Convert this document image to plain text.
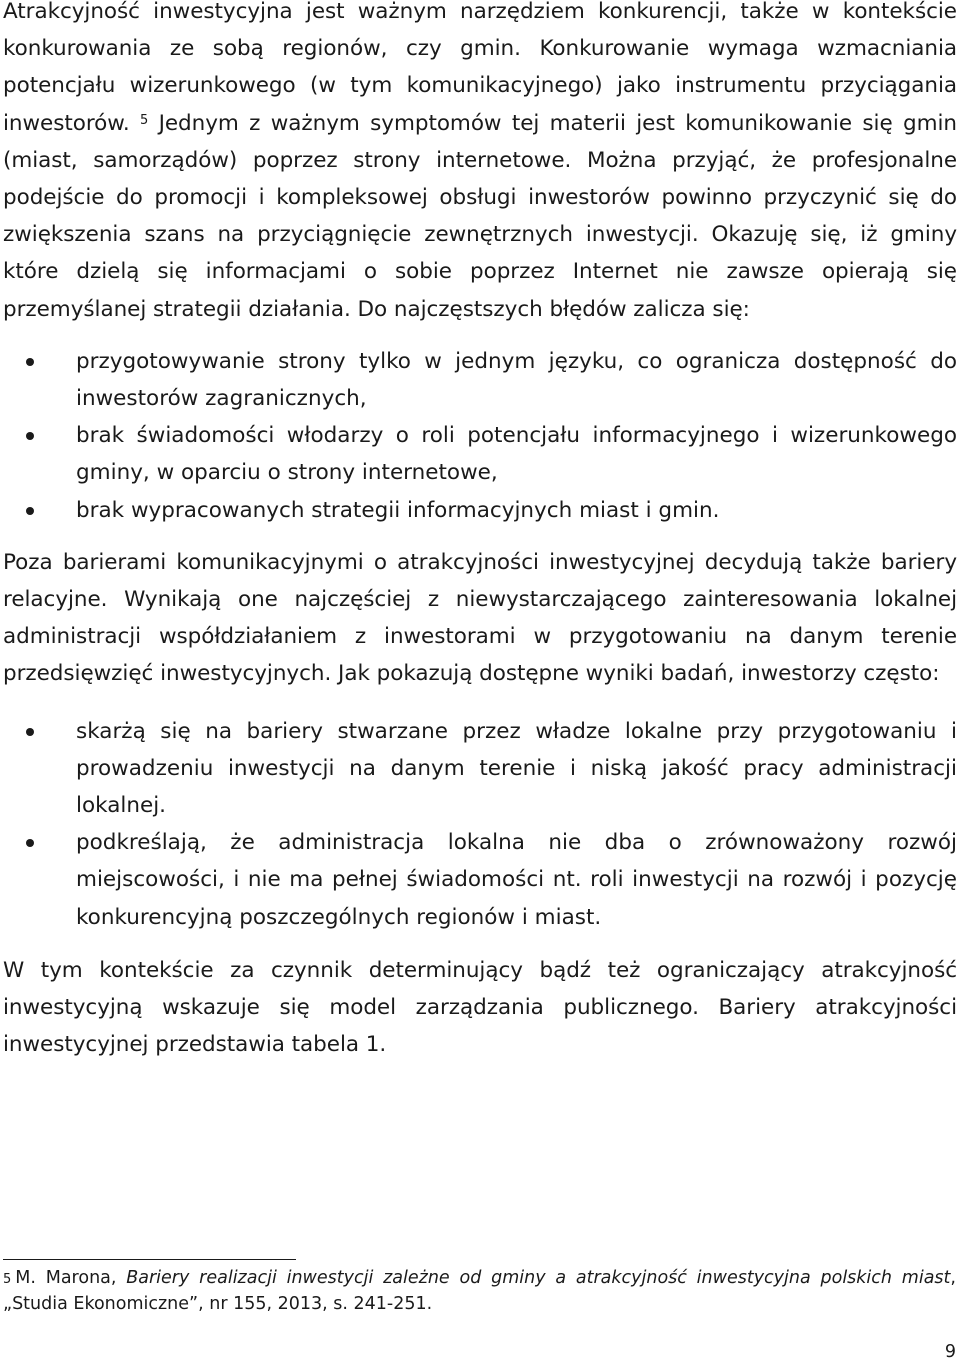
Atrakcyjność inwestycyjna jest ważnym narzędziem konkurencji, także w kontekście konkurowania ze sobą regionów, czy gmin. Konkurowanie wymaga wzmacniania potencjału wizerunkowego (w tym komunikacyjnego) jako instrumentu przyciągania inwestorów. $^5$ Jednym z ważnym symptomów tej materii jest komunikowanie się gmin (miast, samorządów) poprzez strony internetowe. Można przyjąć, że profesjonalne podejście do promocji i kompleksowej obsługi inwestorów powinno przyczynić się do zwiększenia szans na przyciągnięcie zewnętrznych inwestycji. Okazuję się, iż gminy które dzielą się informacjami o sobie poprzez Internet nie zawsze opierają się przemyślanej strategii działania. Do najczęstszych błędów zalicza się:

przygotowywanie strony tylko w jednym języku, co ogranicza dostępność do inwestorów zagranicznych,
brak świadomości włodarzy o roli potencjału informacyjnego i wizerunkowego gminy, w oparciu o strony internetowe,
brak wypracowanych strategii informacyjnych miast i gmin.

Poza barierami komunikacyjnymi o atrakcyjności inwestycyjnej decydują także bariery relacyjne. Wynikają one najczęściej z niewystarczającego zainteresowania lokalnej administracji współdziałaniem z inwestorami w przygotowaniu na danym terenie przedsięwzięć inwestycyjnych. Jak pokazują dostępne wyniki badań, inwestorzy często:

skarżą się na bariery stwarzane przez władze lokalne przy przygotowaniu i prowadzeniu inwestycji na danym terenie i niską jakość pracy administracji lokalnej.
podkreślają, że administracja lokalna nie dba o zrównoważony rozwój miejscowości, i nie ma pełnej świadomości nt. roli inwestycji na rozwój i pozycję konkurencyjną poszczególnych regionów i miast.

W tym kontekście za czynnik determinujący bądź też ograniczający atrakcyjność inwestycyjną wskazuje się model zarządzania publicznego. Bariery atrakcyjności inwestycyjnej przedstawia tabela 1.

$^5$ M. Marona, Bariery realizacji inwestycji zależne od gminy a atrakcyjność inwestycyjna polskich miast, „Studia Ekonomiczne”, nr 155, 2013, s. 241-251.
9
